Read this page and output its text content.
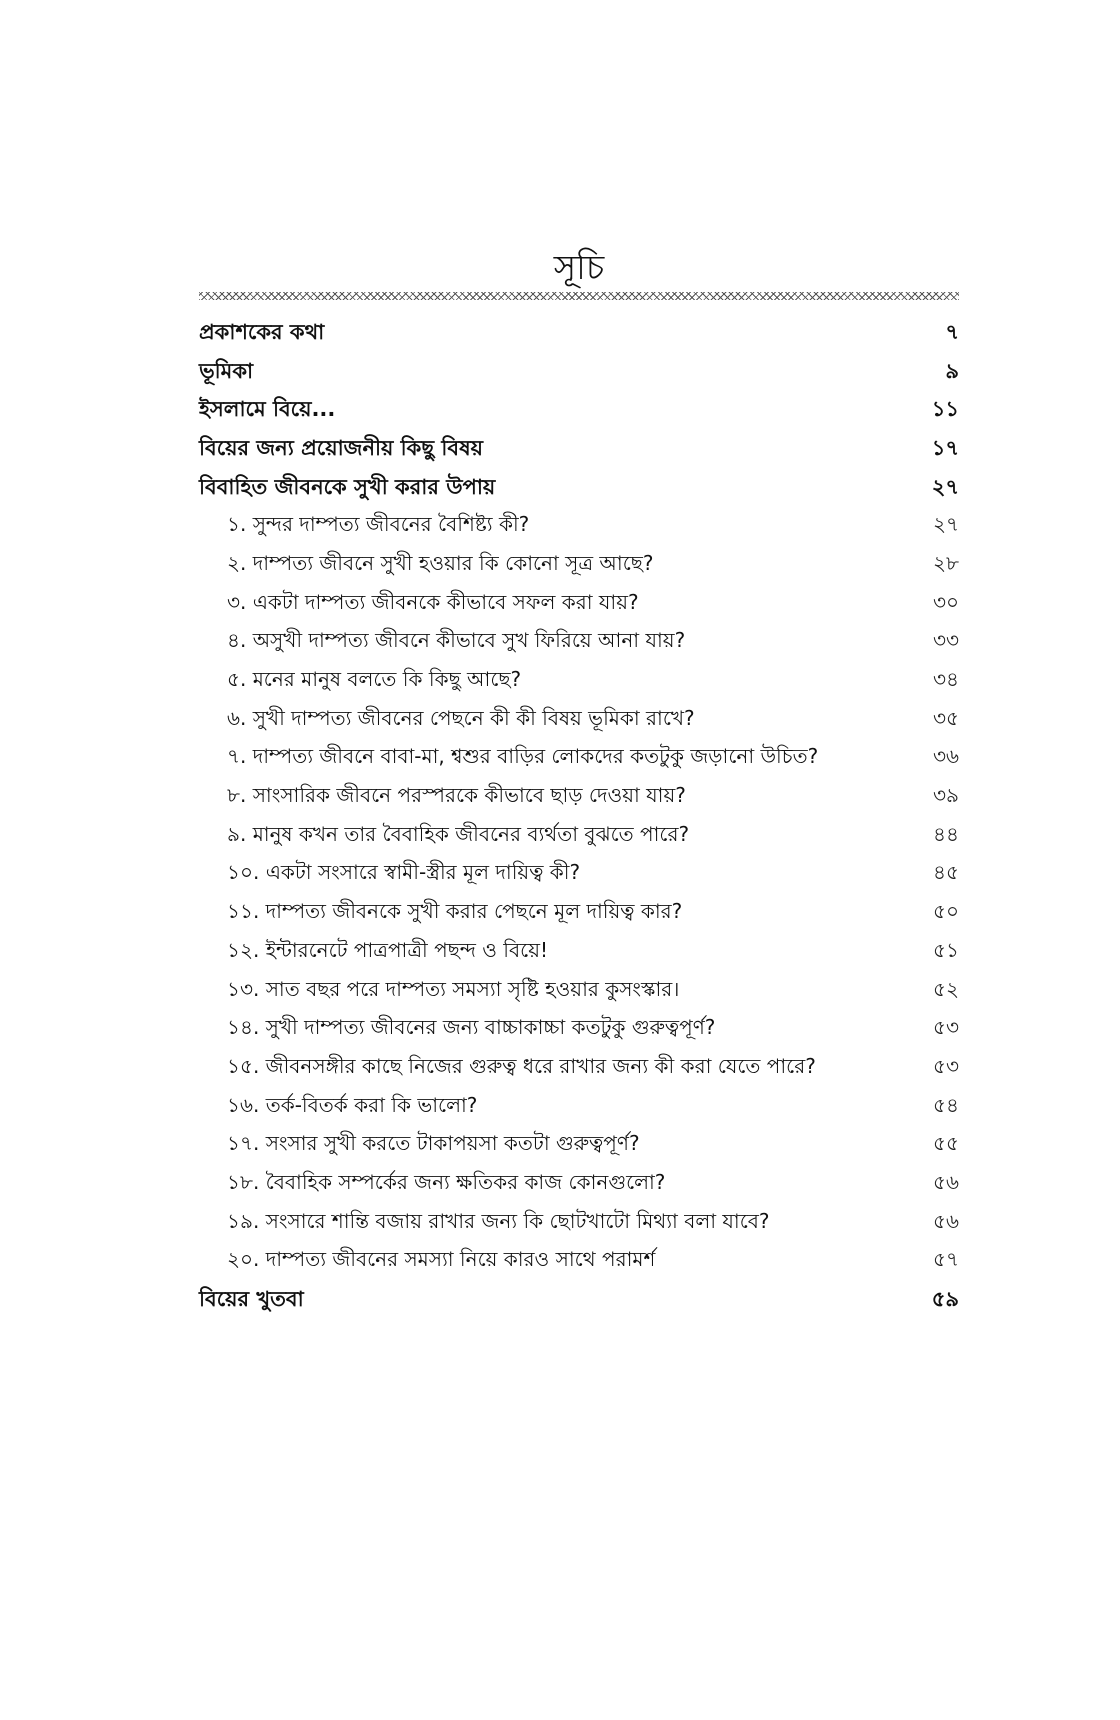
সূচি
প্রকাশকের কথা	৭
ভূমিকা	৯
ইসলামে বিয়ে...	১১
বিয়ের জন্য প্রয়োজনীয় কিছু বিষয়	১৭
বিবাহিত জীবনকে সুখী করার উপায়	২৭
১. সুন্দর দাম্পত্য জীবনের বৈশিষ্ট্য কী?	২৭
২. দাম্পত্য জীবনে সুখী হওয়ার কি কোনো সূত্র আছে?	২৮
৩. একটা দাম্পত্য জীবনকে কীভাবে সফল করা যায়?	৩০
৪. অসুখী দাম্পত্য জীবনে কীভাবে সুখ ফিরিয়ে আনা যায়?	৩৩
৫. মনের মানুষ বলতে কি কিছু আছে?	৩৪
৬. সুখী দাম্পত্য জীবনের পেছনে কী কী বিষয় ভূমিকা রাখে?	৩৫
৭. দাম্পত্য জীবনে বাবা-মা, শ্বশুর বাড়ির লোকদের কতটুকু জড়ানো উচিত?	৩৬
৮. সাংসারিক জীবনে পরস্পরকে কীভাবে ছাড় দেওয়া যায়?	৩৯
৯. মানুষ কখন তার বৈবাহিক জীবনের ব্যর্থতা বুঝতে পারে?	৪৪
১০. একটা সংসারে স্বামী-স্ত্রীর মূল দায়িত্ব কী?	৪৫
১১. দাম্পত্য জীবনকে সুখী করার পেছনে মূল দায়িত্ব কার?	৫০
১২. ইন্টারনেটে পাত্রপাত্রী পছন্দ ও বিয়ে!	৫১
১৩. সাত বছর পরে দাম্পত্য সমস্যা সৃষ্টি হওয়ার কুসংস্কার।	৫২
১৪. সুখী দাম্পত্য জীবনের জন্য বাচ্চাকাচ্চা কতটুকু গুরুত্বপূর্ণ?	৫৩
১৫. জীবনসঙ্গীর কাছে নিজের গুরুত্ব ধরে রাখার জন্য কী করা যেতে পারে?	৫৩
১৬. তর্ক-বিতর্ক করা কি ভালো?	৫৪
১৭. সংসার সুখী করতে টাকাপয়সা কতটা গুরুত্বপূর্ণ?	৫৫
১৮. বৈবাহিক সম্পর্কের জন্য ক্ষতিকর কাজ কোনগুলো?	৫৬
১৯. সংসারে শান্তি বজায় রাখার জন্য কি ছোটখাটো মিথ্যা বলা যাবে?	৫৬
২০. দাম্পত্য জীবনের সমস্যা নিয়ে কারও সাথে পরামর্শ	৫৭
বিয়ের খুতবা	৫৯
